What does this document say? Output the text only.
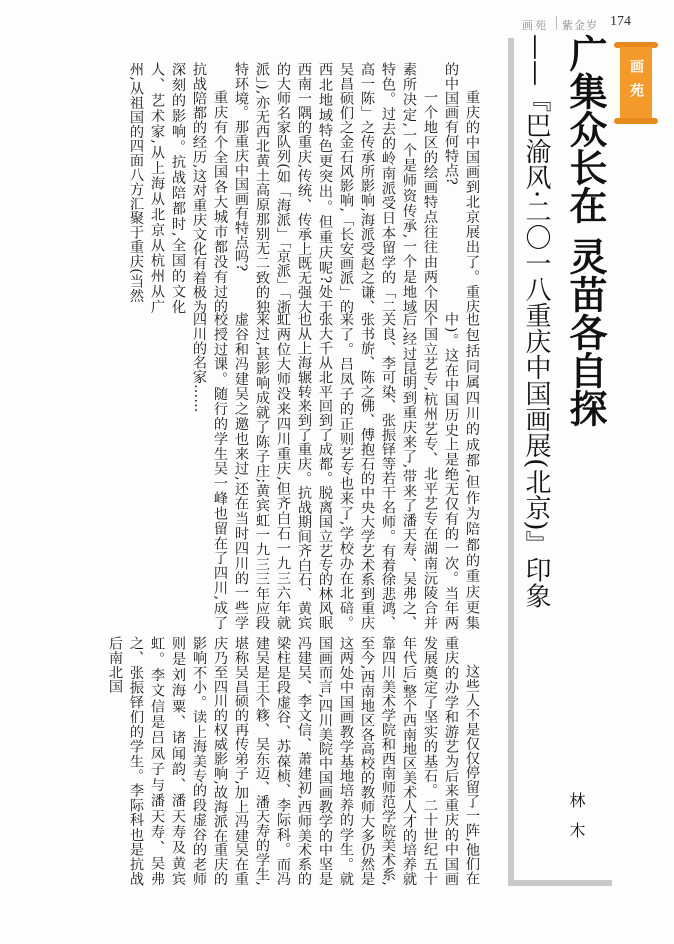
画苑 紫金岁 174
画苑
广集众长在 灵苗各自探
——『巴渝风·二〇一八重庆中国画展(北京)』印象
林木

重庆的中国画到北京展出了。重庆的中国画有何特点?

一个地区的绘画特点往往由两个因素所决定,一个是师资传承,一个是地域特色。过去的岭南派受日本留学的「二高一陈」之传承所影响,海派受赵之谦、吴昌硕们之金石风影响,「长安画派」的西北地域特色更突出。但重庆呢?处于西南一隅的重庆,传统、传承上既无强大的大师名家队列(如「海派」「京派」「浙派」),亦无西北黄土高原那别无二致的独特环境。那重庆中国画有特点吗?

重庆有个全国各大城市都没有过的抗战陪都的经历,这对重庆文化有着极为深刻的影响。抗战陪都时,全国的文化人、艺术家,从上海从北京从杭州从广州,从祖国的四面八方汇聚于重庆(当然

也包括同属四川的成都,但作为陪都的重庆更集中)。这在中国历史上是绝无仅有的一次。当年两个国立艺专,杭州艺专、北平艺专在湖南沅陵合并后,经过昆明到重庆来了,带来了潘天寿、吴弗之、关良、李可染、张振铎等若干名师。有着徐悲鸿、张书旂、陈之佛、傅抱石的中央大学艺术系到重庆来了。吕凤子的正则艺专也来了,学校办在北碚。张大千从北平回到了成都。脱离国立艺专的林风眠也从上海辗转来到了重庆。抗战期间齐白石、黄宾虹两位大师没来四川重庆,但齐白石一九三六年就来过,甚影响成就了陈子庄;黄宾虹一九三三年应段虚谷和冯建吴之邀也来过,还在当时四川的一些学校授过课。随行的学生吴一峰也留在了四川,成了四川的名家……

这些人不是仅仅停留了一阵,他们在重庆的办学和游艺为后来重庆的中国画发展奠定了坚实的基石。二十世纪五十年代后,整个西南地区美术人才的培养就靠四川美术学院和西南师范学院美术系,至今,西南地区各高校的教师大多仍然是这两处中国画教学基地培养的学生。就国画而言,四川美院中国画教学的中坚是冯建吴、李文信、萧建初,西师美术系的梁柱是段虚谷、苏葆桢、李际科。而冯建吴是王个簃、吴东迈、潘天寿的学生,堪称吴昌硕的再传弟子,加上冯建吴在重庆乃至四川的权威影响,故海派在重庆的影响不小。读上海美专的段虚谷的老师则是刘海粟、诸闻韵、潘天寿及黄宾虹。李文信是吕凤子与潘天寿、吴弗之、张振铎们的学生。李际科也是抗战后南北国
